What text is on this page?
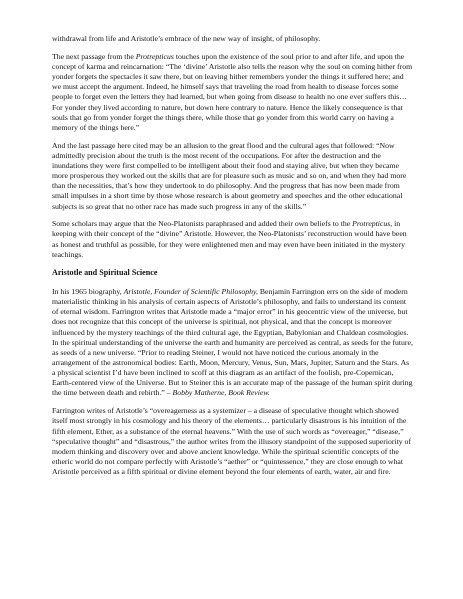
withdrawal from life and Aristotle’s embrace of the new way of insight, of philosophy.

The next passage from the Protrepticus touches upon the existence of the soul prior to and after life, and upon the concept of karma and reincarnation: “The ‘divine’ Aristotle also tells the reason why the soul on coming hither from yonder forgets the spectacles it saw there, but on leaving hither remembers yonder the things it suffered here; and we must accept the argument. Indeed, he himself says that traveling the road from health to disease forces some people to forget even the letters they had learned, but when going from disease to health no one ever suffers this… For yonder they lived according to nature, but down here contrary to nature. Hence the likely consequence is that souls that go from yonder forget the things there, while those that go yonder from this world carry on having a memory of the things here.”

And the last passage here cited may be an allusion to the great flood and the cultural ages that followed: “Now admittedly precision about the truth is the most recent of the occupations. For after the destruction and the inundations they were first compelled to be intelligent about their food and staying alive, but when they became more prosperous they worked out the skills that are for pleasure such as music and so on, and when they had more than the necessities, that’s how they undertook to do philosophy. And the progress that has now been made from small impulses in a short time by those whose research is about geometry and speeches and the other educational subjects is so great that no other race has made such progress in any of the skills.”

Some scholars may argue that the Neo-Platonists paraphrased and added their own beliefs to the Protrepticus, in keeping with their concept of the “divine” Aristotle. However, the Neo-Platonists’ reconstruction would have been as honest and truthful as possible, for they were enlightened men and may even have been initiated in the mystery teachings.

Aristotle and Spiritual Science

In his 1965 biography, Aristotle, Founder of Scientific Philosophy, Benjamin Farrington errs on the side of modern materialistic thinking in his analysis of certain aspects of Aristotle’s philosophy, and fails to understand its content of eternal wisdom. Farrington writes that Aristotle made a “major error” in his geocentric view of the universe, but does not recognize that this concept of the universe is spiritual, not physical, and that the concept is moreover influenced by the mystery teachings of the third cultural age, the Egyptian, Babylonian and Chaldean cosmologies. In the spiritual understanding of the universe the earth and humanity are perceived as central, as seeds for the future, as seeds of a new universe. “Prior to reading Steiner, I would not have noticed the curious anomaly in the arrangement of the astronomical bodies: Earth, Moon, Mercury, Venus, Sun, Mars, Jupiter, Saturn and the Stars. As a physical scientist I’d have been inclined to scoff at this diagram as an artifact of the foolish, pre-Copernican, Earth-centered view of the Universe. But to Steiner this is an accurate map of the passage of the human spirit during the time between death and rebirth.” – Bobby Matherne, Book Review.

Farrington writes of Aristotle’s “overeagerness as a systemizer – a disease of speculative thought which showed itself most strongly in his cosmology and his theory of the elements… particularly disastrous is his intuition of the fifth element, Ether, as a substance of the eternal heavens.” With the use of such words as “overeager,” “disease,” “speculative thought” and “disastrous,” the author writes from the illusory standpoint of the supposed superiority of modern thinking and discovery over and above ancient knowledge. While the spiritual scientific concepts of the etheric world do not compare perfectly with Aristotle’s “aether” or “quintessence,” they are close enough to what Aristotle perceived as a fifth spiritual or divine element beyond the four elements of earth, water, air and fire.
